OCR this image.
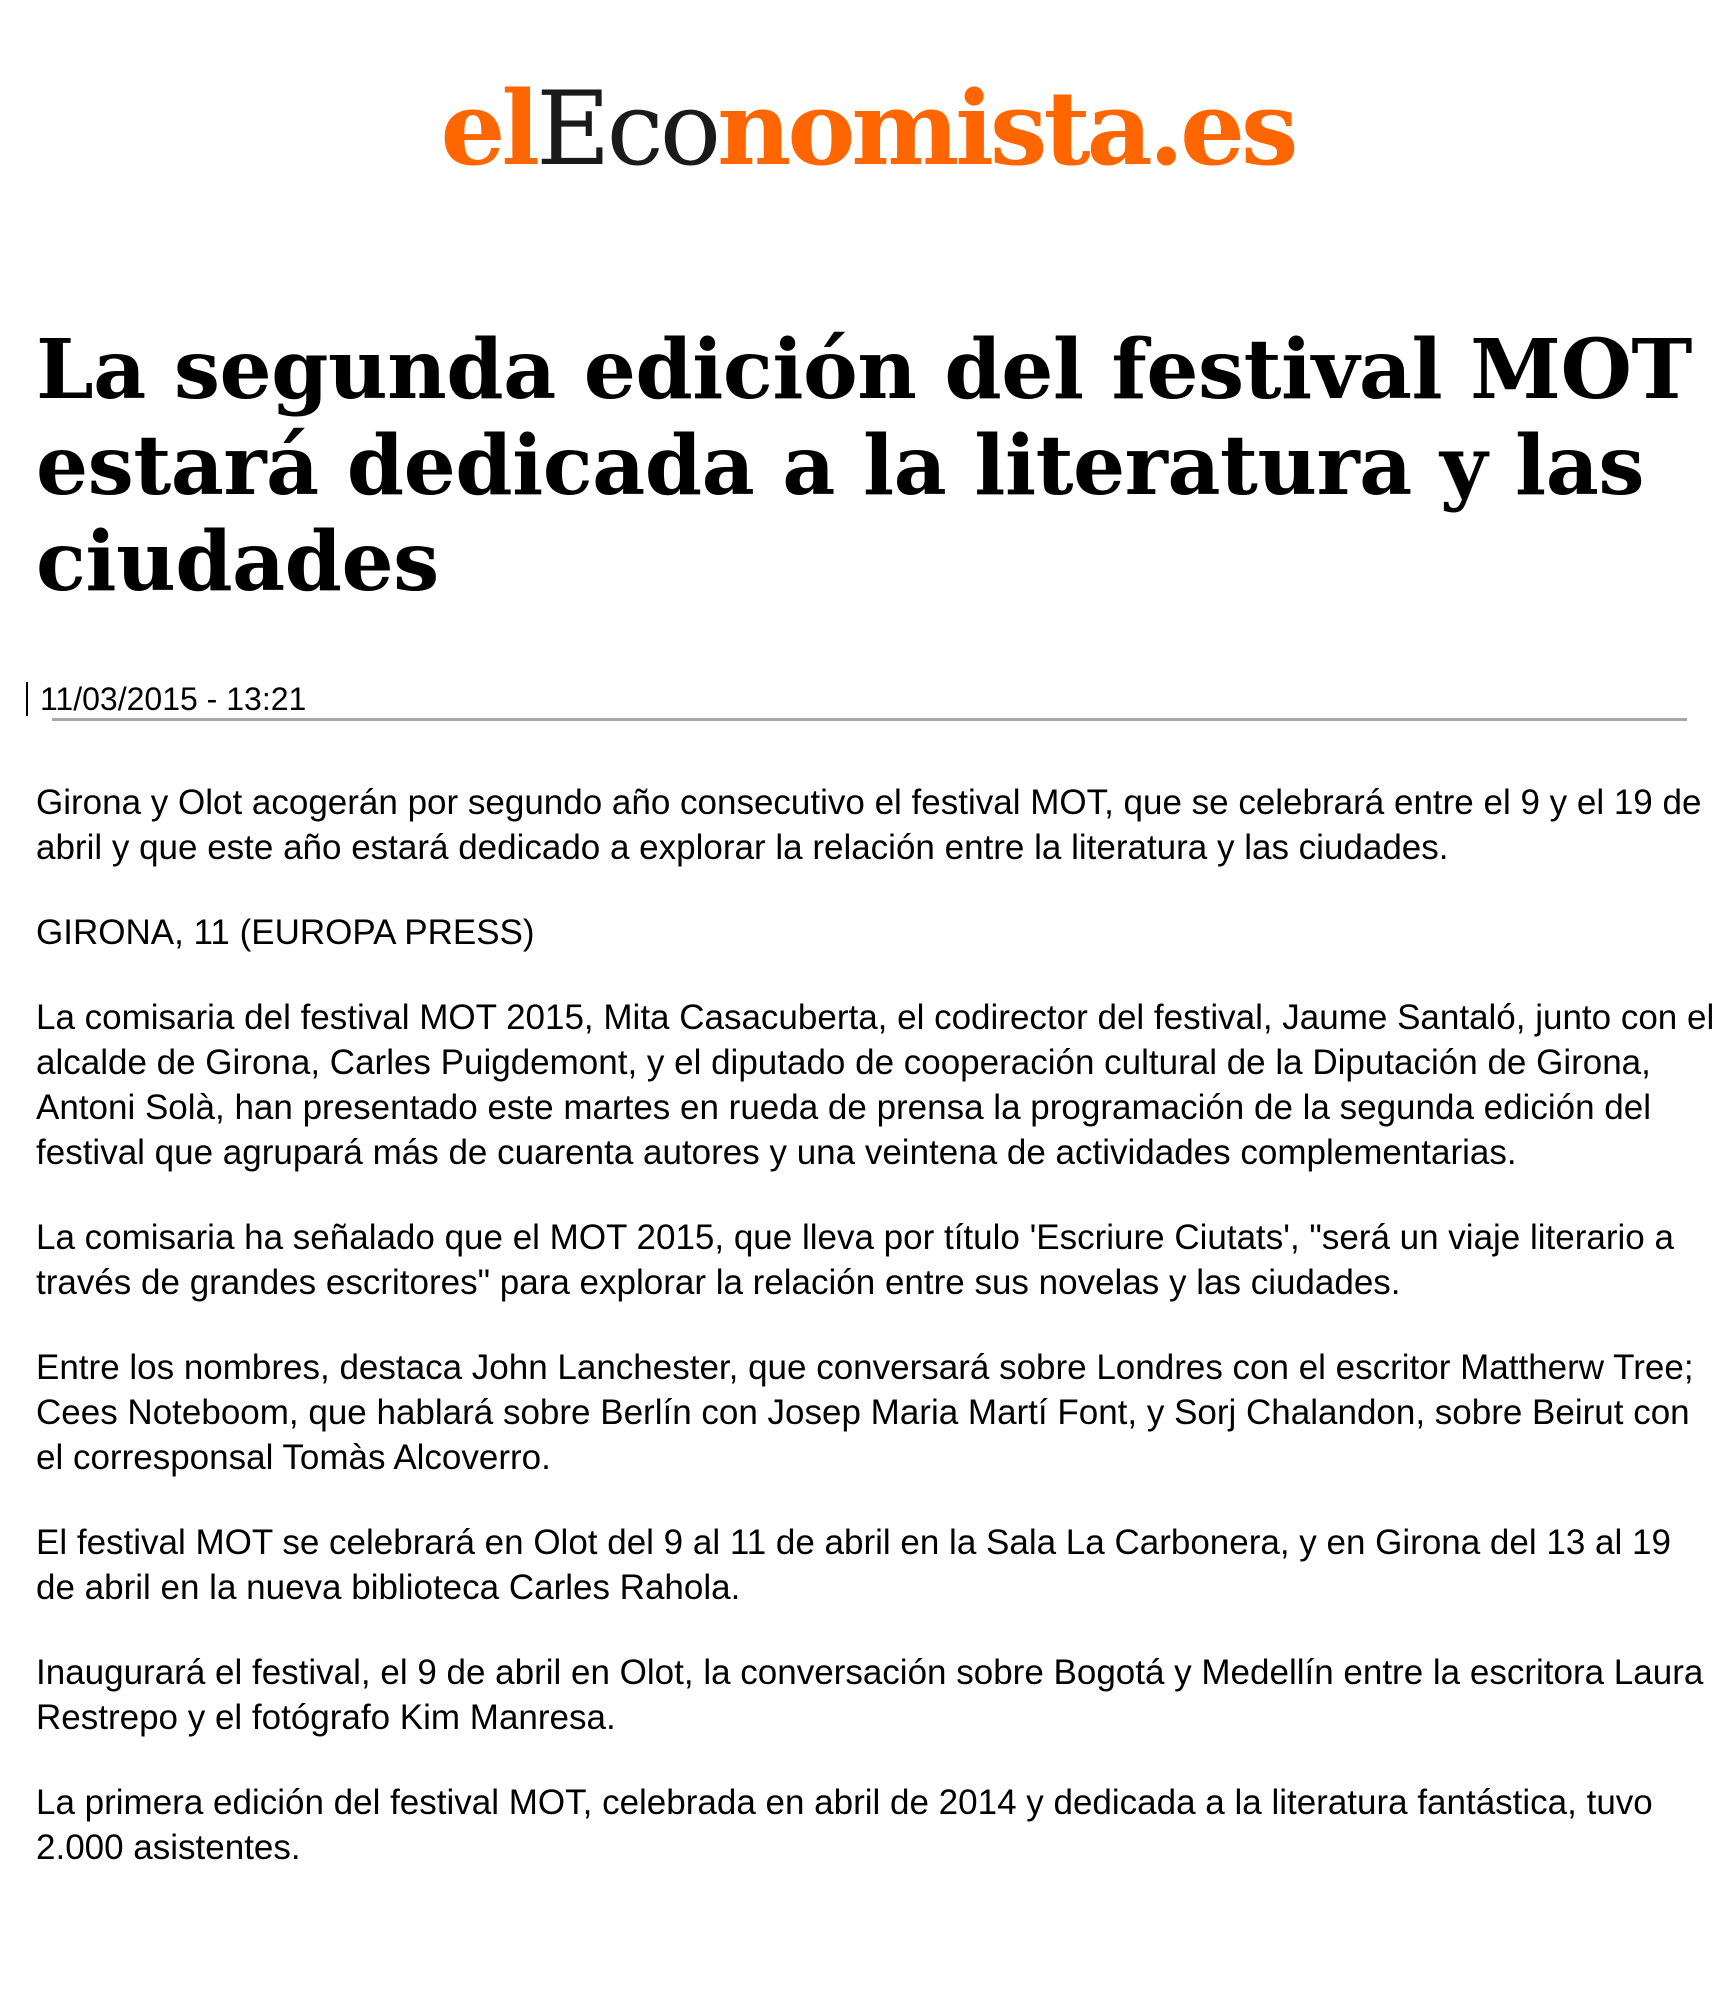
elEconomista.es
La segunda edición del festival MOT estará dedicada a la literatura y las ciudades
11/03/2015 - 13:21

Girona y Olot acogerán por segundo año consecutivo el festival MOT, que se celebrará entre el 9 y el 19 de abril y que este año estará dedicado a explorar la relación entre la literatura y las ciudades.

GIRONA, 11 (EUROPA PRESS)

La comisaria del festival MOT 2015, Mita Casacuberta, el codirector del festival, Jaume Santaló, junto con el alcalde de Girona, Carles Puigdemont, y el diputado de cooperación cultural de la Diputación de Girona, Antoni Solà, han presentado este martes en rueda de prensa la programación de la segunda edición del festival que agrupará más de cuarenta autores y una veintena de actividades complementarias.

La comisaria ha señalado que el MOT 2015, que lleva por título 'Escriure Ciutats', "será un viaje literario a través de grandes escritores" para explorar la relación entre sus novelas y las ciudades.

Entre los nombres, destaca John Lanchester, que conversará sobre Londres con el escritor Mattherw Tree; Cees Noteboom, que hablará sobre Berlín con Josep Maria Martí Font, y Sorj Chalandon, sobre Beirut con el corresponsal Tomàs Alcoverro.

El festival MOT se celebrará en Olot del 9 al 11 de abril en la Sala La Carbonera, y en Girona del 13 al 19 de abril en la nueva biblioteca Carles Rahola.

Inaugurará el festival, el 9 de abril en Olot, la conversación sobre Bogotá y Medellín entre la escritora Laura Restrepo y el fotógrafo Kim Manresa.

La primera edición del festival MOT, celebrada en abril de 2014 y dedicada a la literatura fantástica, tuvo 2.000 asistentes.
